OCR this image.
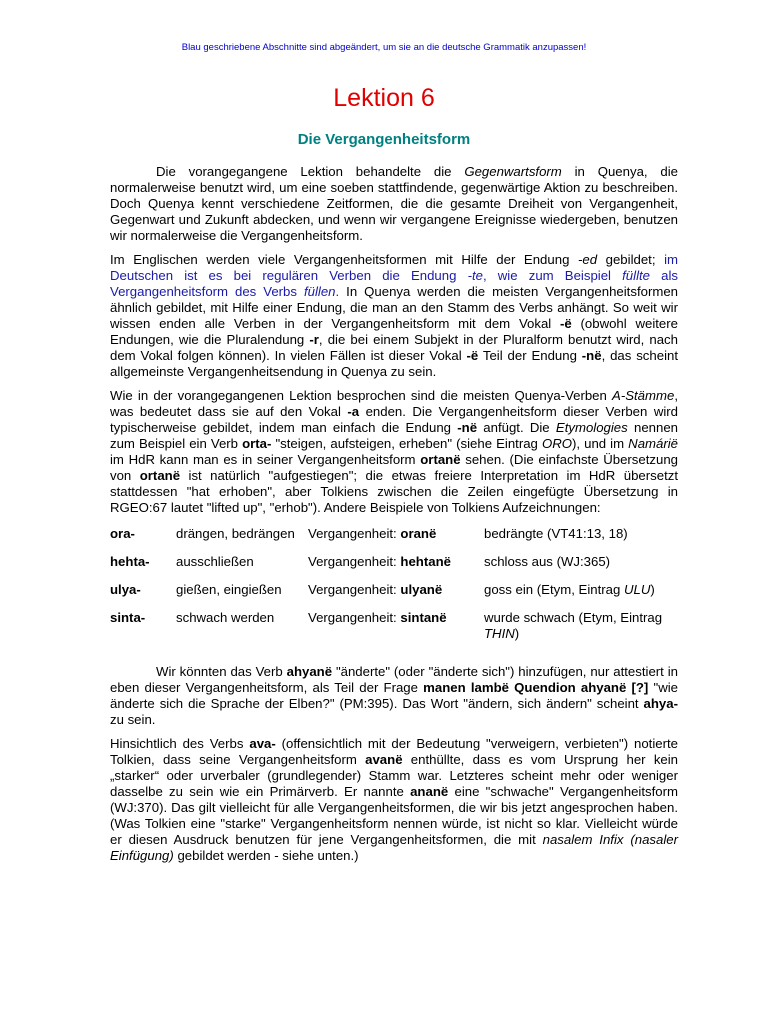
Blau geschriebene Abschnitte sind abgeändert, um sie an die deutsche Grammatik anzupassen!
Lektion 6
Die Vergangenheitsform

Die vorangegangene Lektion behandelte die Gegenwartsform in Quenya, die normalerweise benutzt wird, um eine soeben stattfindende, gegenwärtige Aktion zu beschreiben. Doch Quenya kennt verschiedene Zeitformen, die die gesamte Dreiheit von Vergangenheit, Gegenwart und Zukunft abdecken, und wenn wir vergangene Ereignisse wiedergeben, benutzen wir normalerweise die Vergangenheitsform.

Im Englischen werden viele Vergangenheitsformen mit Hilfe der Endung -ed gebildet; im Deutschen ist es bei regulären Verben die Endung -te, wie zum Beispiel füllte als Vergangenheitsform des Verbs füllen. In Quenya werden die meisten Vergangenheitsformen ähnlich gebildet, mit Hilfe einer Endung, die man an den Stamm des Verbs anhängt. So weit wir wissen enden alle Verben in der Vergangenheitsform mit dem Vokal -ë (obwohl weitere Endungen, wie die Pluralendung -r, die bei einem Subjekt in der Pluralform benutzt wird, nach dem Vokal folgen können). In vielen Fällen ist dieser Vokal -ë Teil der Endung -në, das scheint allgemeinste Vergangenheitsendung in Quenya zu sein.

Wie in der vorangegangenen Lektion besprochen sind die meisten Quenya-Verben A-Stämme, was bedeutet dass sie auf den Vokal -a enden. Die Vergangenheitsform dieser Verben wird typischerweise gebildet, indem man einfach die Endung -në anfügt. Die Etymologies nennen zum Beispiel ein Verb orta- "steigen, aufsteigen, erheben" (siehe Eintrag ORO), und im Namárië im HdR kann man es in seiner Vergangenheitsform ortanë sehen. (Die einfachste Übersetzung von ortanë ist natürlich "aufgestiegen"; die etwas freiere Interpretation im HdR übersetzt stattdessen "hat erhoben", aber Tolkiens zwischen die Zeilen eingefügte Übersetzung in RGEO:67 lautet "lifted up", "erhob"). Andere Beispiele von Tolkiens Aufzeichnungen:

ora-	drängen, bedrängen	Vergangenheit: oranë	bedrängte (VT41:13, 18)
hehta-	ausschließen	Vergangenheit: hehtanë	schloss aus (WJ:365)
ulya-	gießen, eingießen	Vergangenheit: ulyanë	goss ein (Etym, Eintrag ULU)
sinta-	schwach werden	Vergangenheit: sintanë	wurde schwach (Etym, Eintrag THIN)

Wir könnten das Verb ahyanë "änderte" (oder "änderte sich") hinzufügen, nur attestiert in eben dieser Vergangenheitsform, als Teil der Frage manen lambë Quendion ahyanë [?] "wie änderte sich die Sprache der Elben?" (PM:395). Das Wort "ändern, sich ändern" scheint ahya- zu sein.

Hinsichtlich des Verbs ava- (offensichtlich mit der Bedeutung "verweigern, verbieten") notierte Tolkien, dass seine Vergangenheitsform avanë enthüllte, dass es vom Ursprung her kein „starker“ oder urverbaler (grundlegender) Stamm war. Letzteres scheint mehr oder weniger dasselbe zu sein wie ein Primärverb. Er nannte ananë eine "schwache" Vergangenheitsform (WJ:370). Das gilt vielleicht für alle Vergangenheitsformen, die wir bis jetzt angesprochen haben. (Was Tolkien eine "starke" Vergangenheitsform nennen würde, ist nicht so klar. Vielleicht würde er diesen Ausdruck benutzen für jene Vergangenheitsformen, die mit nasalem Infix (nasaler Einfügung) gebildet werden - siehe unten.)
